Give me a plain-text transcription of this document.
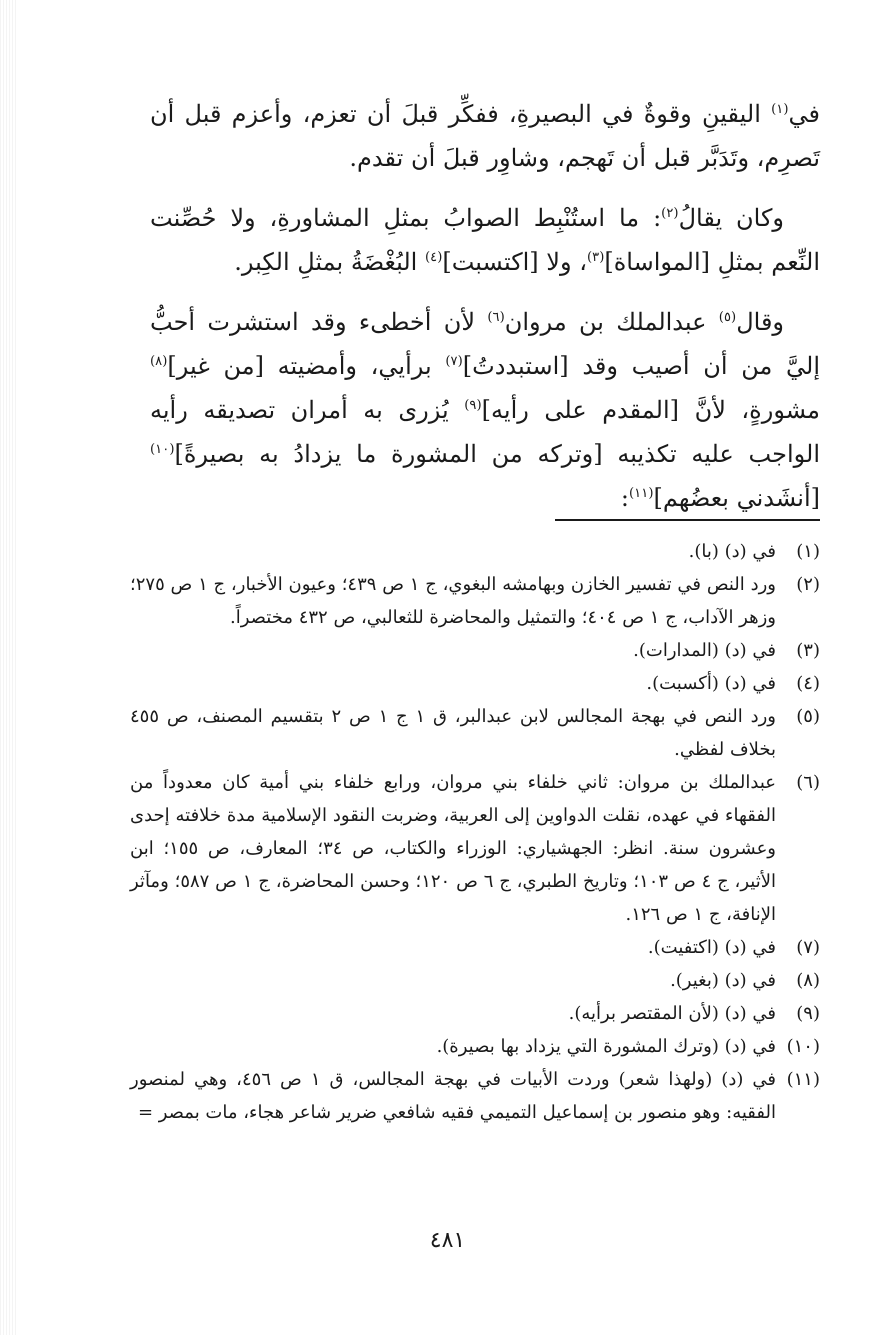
في$^{(١)}$ اليقينِ وقوةٌ في البصيرةِ، ففكِّر قبلَ أن تعزم، وأعزم قبل أن تَصرِم، وتَدَبَّر قبل أن تَهجم، وشاوِر قبلَ أن تقدم.

وكان يقالُ$^{(٢)}$: ما استُنْبِط الصوابُ بمثلِ المشاورةِ، ولا حُصِّنت النِّعم بمثلِ [المواساة]$^{(٣)}$، ولا [اكتسبت]$^{(٤)}$ البُغْضَةُ بمثلِ الكِبر.

وقال$^{(٥)}$ عبدالملك بن مروان$^{(٦)}$ لأن أخطىء وقد استشرت أحبُّ إليَّ من أن أصيب وقد [استبددتُ]$^{(٧)}$ برأيي، وأمضيته [من غير]$^{(٨)}$ مشورةٍ، لأنَّ [المقدم على رأيه]$^{(٩)}$ يُزرى به أمران تصديقه رأيه الواجب عليه تكذيبه [وتركه من المشورة ما يزدادُ به بصيرةً]$^{(١٠)}$ [أنشَدني بعضُهم]$^{(١١)}$:

(١)
في (د) (با).
(٢)
ورد النص في تفسير الخازن وبهامشه البغوي، ج ١ ص ٤٣٩؛ وعيون الأخبار، ج ١ ص ٢٧٥؛ وزهر الآداب، ج ١ ص ٤٠٤؛ والتمثيل والمحاضرة للثعالبي، ص ٤٣٢ مختصراً.
(٣)
في (د) (المدارات).
(٤)
في (د) (أكسبت).
(٥)
ورد النص في بهجة المجالس لابن عبدالبر، ق ١ ج ١ ص ٢ بتقسيم المصنف، ص ٤٥٥ بخلاف لفظي.
(٦)
عبدالملك بن مروان: ثاني خلفاء بني مروان، ورابع خلفاء بني أمية كان معدوداً من الفقهاء في عهده، نقلت الدواوين إلى العربية، وضربت النقود الإسلامية مدة خلافته إحدى وعشرون سنة. انظر: الجهشياري: الوزراء والكتاب، ص ٣٤؛ المعارف، ص ١٥٥؛ ابن الأثير، ج ٤ ص ١٠٣؛ وتاريخ الطبري، ج ٦ ص ١٢٠؛ وحسن المحاضرة، ج ١ ص ٥٨٧؛ ومآثر الإنافة، ج ١ ص ١٢٦.
(٧)
في (د) (اكتفيت).
(٨)
في (د) (بغير).
(٩)
في (د) (لأن المقتصر برأيه).
(١٠)
في (د) (وترك المشورة التي يزداد بها بصيرة).
(١١)
في (د) (ولهذا شعر) وردت الأبيات في بهجة المجالس، ق ١ ص ٤٥٦، وهي لمنصور الفقيه: وهو منصور بن إسماعيل التميمي فقيه شافعي ضرير شاعر هجاء، مات بمصر =
٤٨١
